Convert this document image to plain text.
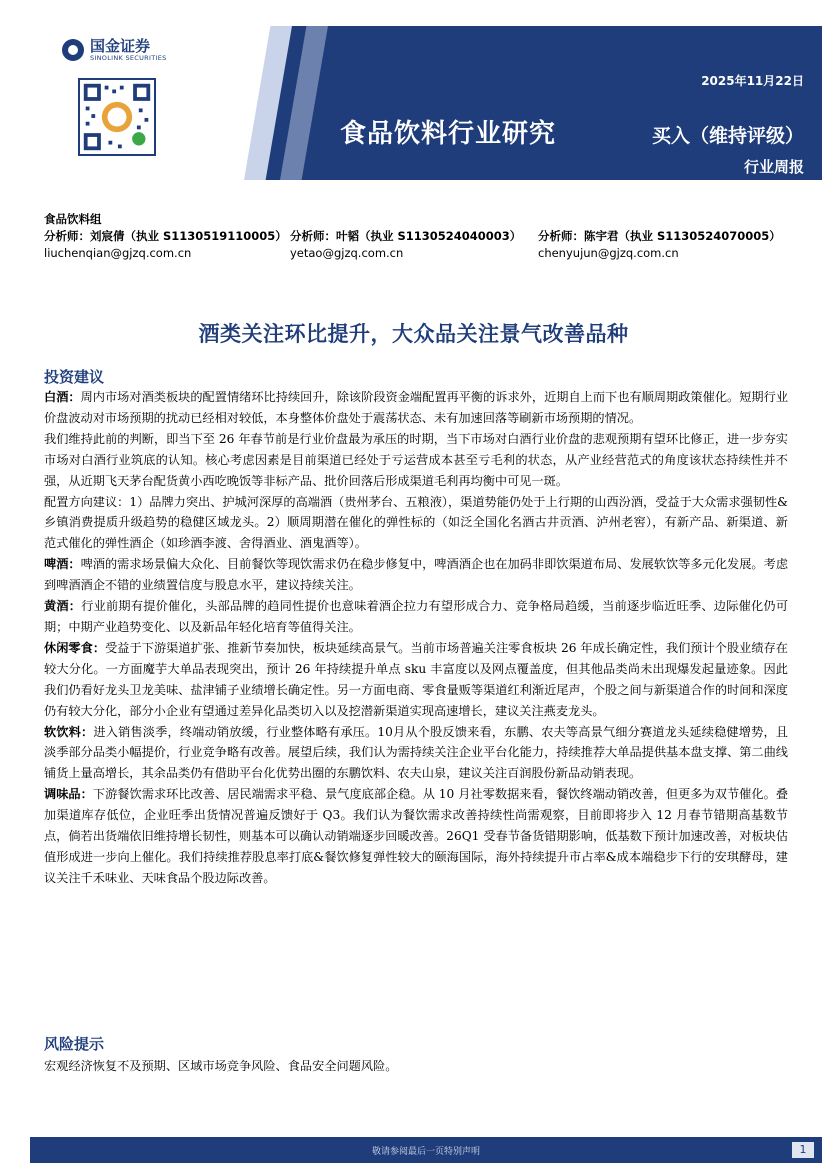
食品饮料行业研究
2025年11月22日
买入（维持评级）
行业周报
证券研究报告
国金证券
SINOLINK SECURITIES
食品饮料组
分析师：刘宸倩（执业 S1130519110005）
liuchenqian@gjzq.com.cn
分析师：叶韬（执业 S1130524040003）
yetao@gjzq.com.cn
分析师：陈宇君（执业 S1130524070005）
chenyujun@gjzq.com.cn
酒类关注环比提升，大众品关注景气改善品种
投资建议

白酒：周内市场对酒类板块的配置情绪环比持续回升，除该阶段资金端配置再平衡的诉求外，近期自上而下也有顺周期政策催化。短期行业价盘波动对市场预期的扰动已经相对较低，本身整体价盘处于震荡状态、未有加速回落等刷新市场预期的情况。

我们维持此前的判断，即当下至 26 年春节前是行业价盘最为承压的时期，当下市场对白酒行业价盘的悲观预期有望环比修正，进一步夯实市场对白酒行业筑底的认知。核心考虑因素是目前渠道已经处于亏运营成本甚至亏毛利的状态，从产业经营范式的角度该状态持续性并不强，从近期飞天茅台配货黄小西吃晚饭等非标产品、批价回落后形成渠道毛利再均衡中可见一斑。

配置方向建议：1）品牌力突出、护城河深厚的高端酒（贵州茅台、五粮液），渠道势能仍处于上行期的山西汾酒，受益于大众需求强韧性&乡镇消费提质升级趋势的稳健区域龙头。2）顺周期潜在催化的弹性标的（如泛全国化名酒古井贡酒、泸州老窖），有新产品、新渠道、新范式催化的弹性酒企（如珍酒李渡、舍得酒业、酒鬼酒等）。

啤酒：啤酒的需求场景偏大众化、目前餐饮等现饮需求仍在稳步修复中，啤酒酒企也在加码非即饮渠道布局、发展软饮等多元化发展。考虑到啤酒酒企不错的业绩置信度与股息水平，建议持续关注。

黄酒：行业前期有提价催化，头部品牌的趋同性提价也意味着酒企拉力有望形成合力、竞争格局趋缓，当前逐步临近旺季、边际催化仍可期；中期产业趋势变化、以及新品年轻化培育等值得关注。

休闲零食：受益于下游渠道扩张、推新节奏加快，板块延续高景气。当前市场普遍关注零食板块 26 年成长确定性，我们预计个股业绩存在较大分化。一方面魔芋大单品表现突出，预计 26 年持续提升单点 sku 丰富度以及网点覆盖度，但其他品类尚未出现爆发起量迹象。因此我们仍看好龙头卫龙美味、盐津铺子业绩增长确定性。另一方面电商、零食量贩等渠道红利渐近尾声，个股之间与新渠道合作的时间和深度仍有较大分化，部分小企业有望通过差异化品类切入以及挖潜新渠道实现高速增长，建议关注燕麦龙头。

软饮料：进入销售淡季，终端动销放缓，行业整体略有承压。10月从个股反馈来看，东鹏、农夫等高景气细分赛道龙头延续稳健增势，且淡季部分品类小幅提价，行业竞争略有改善。展望后续，我们认为需持续关注企业平台化能力，持续推荐大单品提供基本盘支撑、第二曲线铺货上量高增长，其余品类仍有借助平台化优势出圈的东鹏饮料、农夫山泉，建议关注百润股份新品动销表现。

调味品：下游餐饮需求环比改善、居民端需求平稳、景气度底部企稳。从 10 月社零数据来看，餐饮终端动销改善，但更多为双节催化。叠加渠道库存低位，企业旺季出货情况普遍反馈好于 Q3。我们认为餐饮需求改善持续性尚需观察，目前即将步入 12 月春节错期高基数节点，倘若出货端依旧维持增长韧性，则基本可以确认动销端逐步回暖改善。26Q1 受春节备货错期影响，低基数下预计加速改善，对板块估值形成进一步向上催化。我们持续推荐股息率打底&餐饮修复弹性较大的颐海国际，海外持续提升市占率&成本端稳步下行的安琪酵母，建议关注千禾味业、天味食品个股边际改善。

风险提示
宏观经济恢复不及预期、区域市场竞争风险、食品安全问题风险。
敬请参阅最后一页特别声明	1
